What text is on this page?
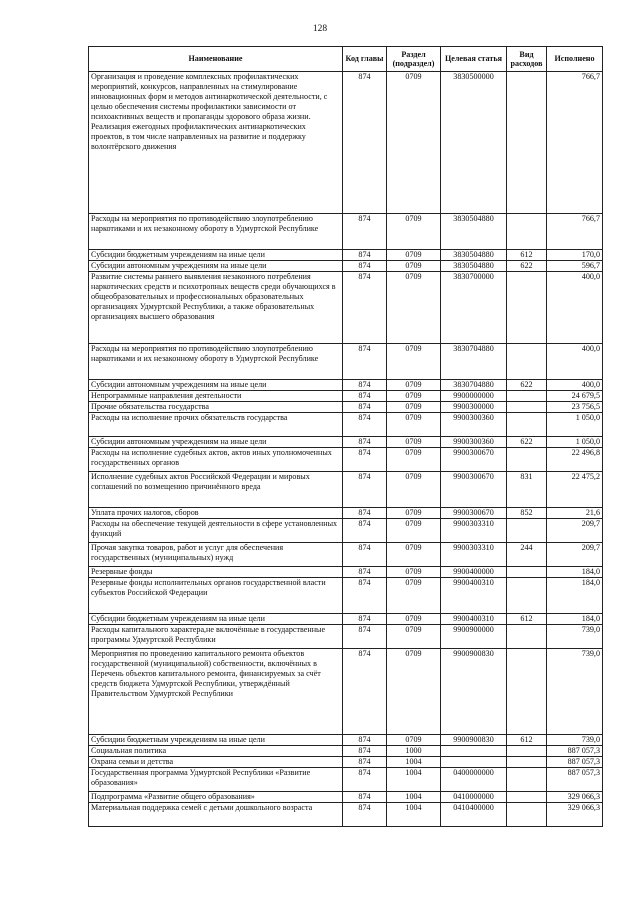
128
Наименование	Код главы	Раздел (подраздел)	Целевая статья	Вид расходов	Исполнено
Организация и проведение комплексных профилактических мероприятий, конкурсов, направленных на стимулирование инновационных форм и методов антинаркотической деятельности, с целью обеспечения системы профилактики зависимости от психоактивных веществ и пропаганды здорового образа жизни. Реализация ежегодных профилактических антинаркотических проектов, в том числе направленных на развитие и поддержку волонтёрского движения	874	0709	3830500000		766,7
Расходы на мероприятия по противодействию злоупотреблению наркотиками и их незаконному обороту в Удмуртской Республике	874	0709	3830504880		766,7
Субсидии бюджетным учреждениям на иные цели	874	0709	3830504880	612	170,0
Субсидии автономным учреждениям на иные цели	874	0709	3830504880	622	596,7
Развитие системы раннего выявления незаконного потребления наркотических средств и психотропных веществ среди обучающихся в общеобразовательных и профессиональных образовательных организациях Удмуртской Республики, а также образовательных организациях высшего образования	874	0709	3830700000		400,0
Расходы на мероприятия по противодействию злоупотреблению наркотиками и их незаконному обороту в Удмуртской Республике	874	0709	3830704880		400,0
Субсидии автономным учреждениям на иные цели	874	0709	3830704880	622	400,0
Непрограммные направления деятельности	874	0709	9900000000		24 679,5
Прочие обязательства государства	874	0709	9900300000		23 756,5
Расходы на исполнение прочих обязательств государства	874	0709	9900300360		1 050,0
Субсидии автономным учреждениям на иные цели	874	0709	9900300360	622	1 050,0
Расходы на исполнение судебных актов, актов иных уполномоченных государственных органов	874	0709	9900300670		22 496,8
Исполнение судебных актов Российской Федерации и мировых соглашений по возмещению причинённого вреда	874	0709	9900300670	831	22 475,2
Уплата прочих налогов, сборов	874	0709	9900300670	852	21,6
Расходы на обеспечение текущей деятельности в сфере установленных функций	874	0709	9900303310		209,7
Прочая закупка товаров, работ и услуг для обеспечения государственных (муниципальных) нужд	874	0709	9900303310	244	209,7
Резервные фонды	874	0709	9900400000		184,0
Резервные фонды исполнительных органов государственной власти субъектов Российской Федерации	874	0709	9900400310		184,0
Субсидии бюджетным учреждениям на иные цели	874	0709	9900400310	612	184,0
Расходы капитального характера,не включённые в государственные программы Удмуртской Республики	874	0709	9900900000		739,0
Мероприятия по проведению капитального ремонта объектов государственной (муниципальной) собственности, включённых в Перечень объектов капитального ремонта, финансируемых за счёт средств бюджета Удмуртской Республики, утверждённый Правительством Удмуртской Республики	874	0709	9900900830		739,0
Субсидии бюджетным учреждениям на иные цели	874	0709	9900900830	612	739,0
Социальная политика	874	1000			887 057,3
Охрана семьи и детства	874	1004			887 057,3
Государственная программа Удмуртской Республики «Развитие образования»	874	1004	0400000000		887 057,3
Подпрограмма «Развитие общего образования»	874	1004	0410000000		329 066,3
Материальная поддержка семей с детьми дошкольного возраста	874	1004	0410400000		329 066,3
